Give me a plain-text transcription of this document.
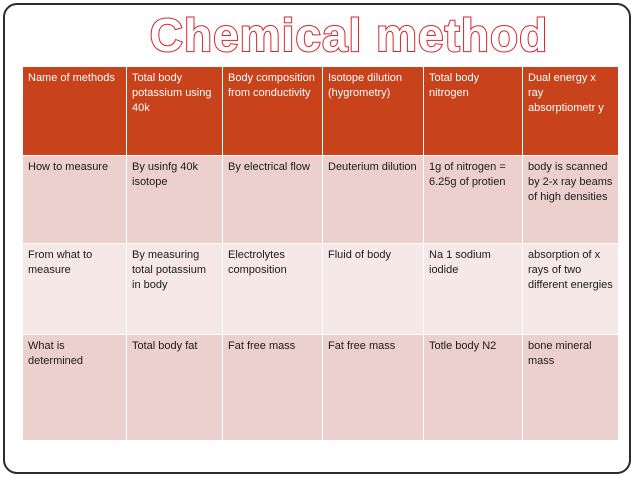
Chemical method
Name of methods	Total body potassium using 40k	Body composition from conductivity	Isotope dilution (hygrometry)	Total body nitrogen	Dual energy x ray absorptiometr y
How to measure	By usinfg 40k isotope	By electrical flow	Deuterium dilution	1g of nitrogen = 6.25g of protien	body is scanned by 2-x ray beams of high densities
From what to measure	By measuring total potassium in body	Electrolytes composition	Fluid of body	Na 1 sodium iodide	absorption of x rays of two different energies
What is determined	Total body fat	Fat free mass	Fat free mass	Totle body N2	bone mineral mass
